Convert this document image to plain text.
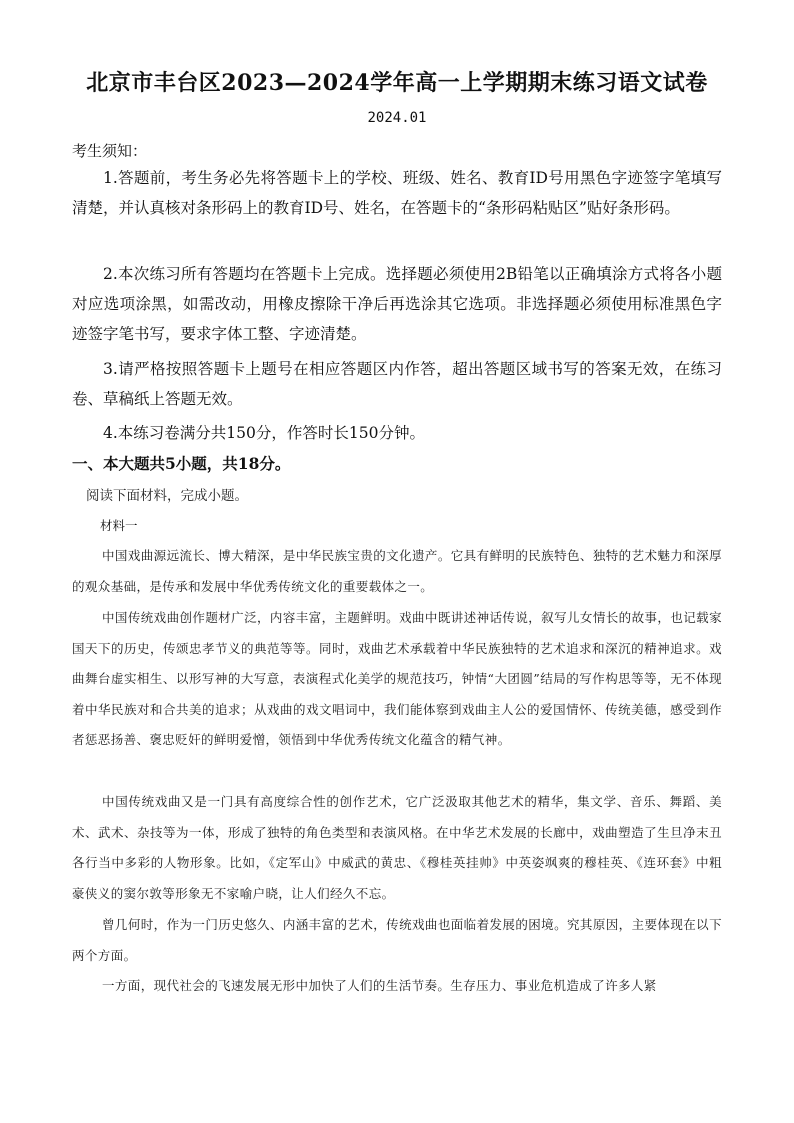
北京市丰台区2023—2024学年高一上学期期末练习语文试卷
2024.01
考生须知：
1.答题前，考生务必先将答题卡上的学校、班级、姓名、教育ID号用黑色字迹签字笔填写清楚，并认真核对条形码上的教育ID号、姓名，在答题卡的“条形码粘贴区”贴好条形码。
2.本次练习所有答题均在答题卡上完成。选择题必须使用2B铅笔以正确填涂方式将各小题对应选项涂黑，如需改动，用橡皮擦除干净后再选涂其它选项。非选择题必须使用标准黑色字迹签字笔书写，要求字体工整、字迹清楚。
3.请严格按照答题卡上题号在相应答题区内作答，超出答题区域书写的答案无效，在练习卷、草稿纸上答题无效。
4.本练习卷满分共150分，作答时长150分钟。
一、本大题共5小题，共18分。
阅读下面材料，完成小题。
材料一
中国戏曲源远流长、博大精深，是中华民族宝贵的文化遗产。它具有鲜明的民族特色、独特的艺术魅力和深厚的观众基础，是传承和发展中华优秀传统文化的重要载体之一。
中国传统戏曲创作题材广泛，内容丰富，主题鲜明。戏曲中既讲述神话传说，叙写儿女情长的故事，也记载家国天下的历史，传颂忠孝节义的典范等等。同时，戏曲艺术承载着中华民族独特的艺术追求和深沉的精神追求。戏曲舞台虚实相生、以形写神的大写意，表演程式化美学的规范技巧，钟情“大团圆”结局的写作构思等等，无不体现着中华民族对和合共美的追求；从戏曲的戏文唱词中，我们能体察到戏曲主人公的爱国情怀、传统美德，感受到作者惩恶扬善、褒忠贬奸的鲜明爱憎，领悟到中华优秀传统文化蕴含的精气神。
中国传统戏曲又是一门具有高度综合性的创作艺术，它广泛汲取其他艺术的精华，集文学、音乐、舞蹈、美术、武术、杂技等为一体，形成了独特的角色类型和表演风格。在中华艺术发展的长廊中，戏曲塑造了生旦净末丑各行当中多彩的人物形象。比如，《定军山》中威武的黄忠、《穆桂英挂帅》中英姿飒爽的穆桂英、《连环套》中粗豪侠义的窦尔敦等形象无不家喻户晓，让人们经久不忘。
曾几何时，作为一门历史悠久、内涵丰富的艺术，传统戏曲也面临着发展的困境。究其原因，主要体现在以下两个方面。
一方面，现代社会的飞速发展无形中加快了人们的生活节奏。生存压力、事业危机造成了许多人紧
